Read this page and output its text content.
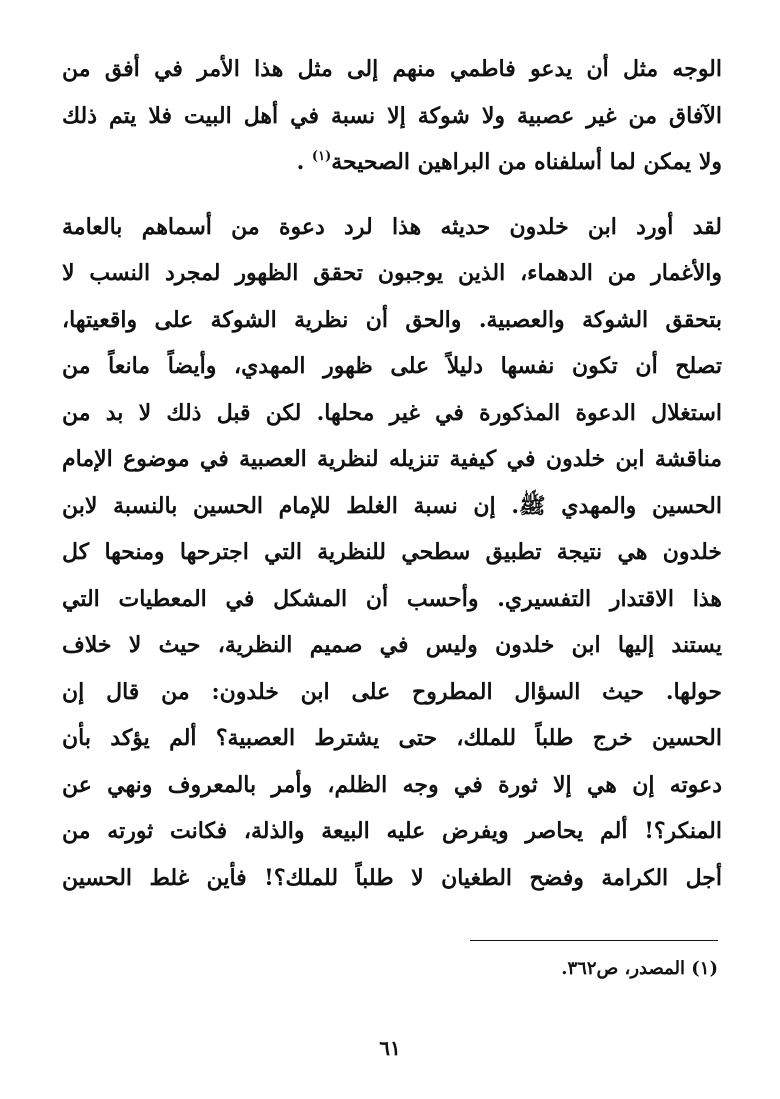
الوجه مثل أن يدعو فاطمي منهم إلى مثل هذا الأمر في أفق من
الآفاق من غير عصبية ولا شوكة إلا نسبة في أهل البيت فلا يتم ذلك
ولا يمكن لما أسلفناه من البراهين الصحيحة$^{(١)}$ .
لقد أورد ابن خلدون حديثه هذا لرد دعوة من أسماهم بالعامة
والأغمار من الدهماء، الذين يوجبون تحقق الظهور لمجرد النسب لا
بتحقق الشوكة والعصبية. والحق أن نظرية الشوكة على واقعيتها،
تصلح أن تكون نفسها دليلاً على ظهور المهدي، وأيضاً مانعاً من
استغلال الدعوة المذكورة في غير محلها. لكن قبل ذلك لا بد من
مناقشة ابن خلدون في كيفية تنزيله لنظرية العصبية في موضوع الإمام
الحسين والمهدي ﷺ. إن نسبة الغلط للإمام الحسين بالنسبة لابن
خلدون هي نتيجة تطبيق سطحي للنظرية التي اجترحها ومنحها كل
هذا الاقتدار التفسيري. وأحسب أن المشكل في المعطيات التي
يستند إليها ابن خلدون وليس في صميم النظرية، حيث لا خلاف
حولها. حيث السؤال المطروح على ابن خلدون: من قال إن
الحسين خرج طلباً للملك، حتى يشترط العصبية؟ ألم يؤكد بأن
دعوته إن هي إلا ثورة في وجه الظلم، وأمر بالمعروف ونهي عن
المنكر؟! ألم يحاصر ويفرض عليه البيعة والذلة، فكانت ثورته من
أجل الكرامة وفضح الطغيان لا طلباً للملك؟! فأين غلط الحسين
(١) المصدر، ص٣٦٢.
٦١
